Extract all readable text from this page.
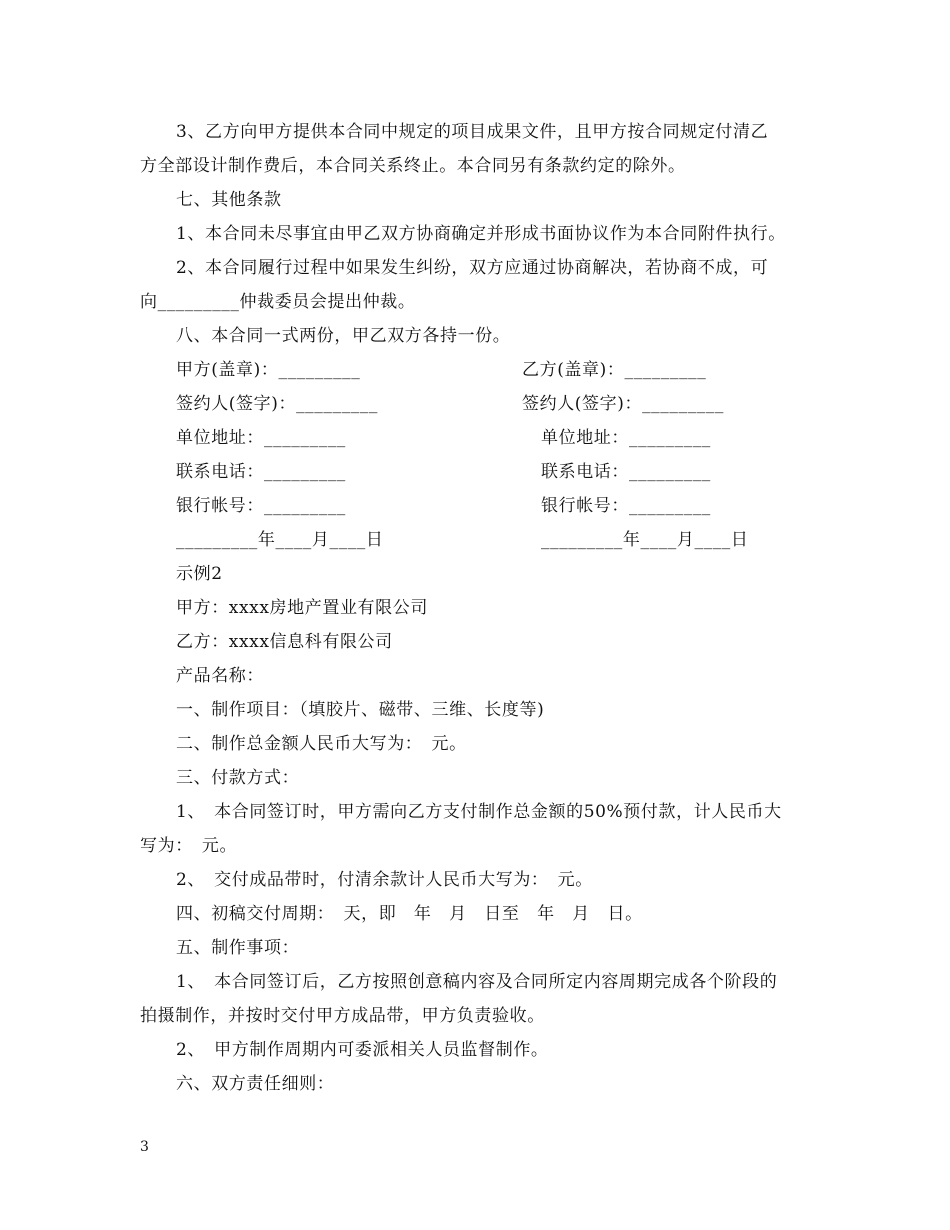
3、乙方向甲方提供本合同中规定的项目成果文件，且甲方按合同规定付清乙
方全部设计制作费后，本合同关系终止。本合同另有条款约定的除外。
七、其他条款
1、本合同未尽事宜由甲乙双方协商确定并形成书面协议作为本合同附件执行。
2、本合同履行过程中如果发生纠纷，双方应通过协商解决，若协商不成，可
向_________仲裁委员会提出仲裁。
八、本合同一式两份，甲乙双方各持一份。
甲方(盖章)：_________
签约人(签字)：_________
单位地址：_________
联系电话：_________
银行帐号：_________
_________年____月____日
乙方(盖章)：_________
签约人(签字)：_________
单位地址：_________
联系电话：_________
银行帐号：_________
_________年____月____日
示例2
甲方：xxxx房地产置业有限公司
乙方：xxxx信息科有限公司
产品名称：
一、制作项目：（填胶片、磁带、三维、长度等)
二、制作总金额人民币大写为：　元。
三、付款方式：
1、　本合同签订时，甲方需向乙方支付制作总金额的50%预付款，计人民币大
写为：　元。
2、　交付成品带时，付清余款计人民币大写为：　元。
四、初稿交付周期：　天，即　年　月　日至　年　月　日。
五、制作事项：
1、　本合同签订后，乙方按照创意稿内容及合同所定内容周期完成各个阶段的
拍摄制作，并按时交付甲方成品带，甲方负责验收。
2、　甲方制作周期内可委派相关人员监督制作。
六、双方责任细则：
3
